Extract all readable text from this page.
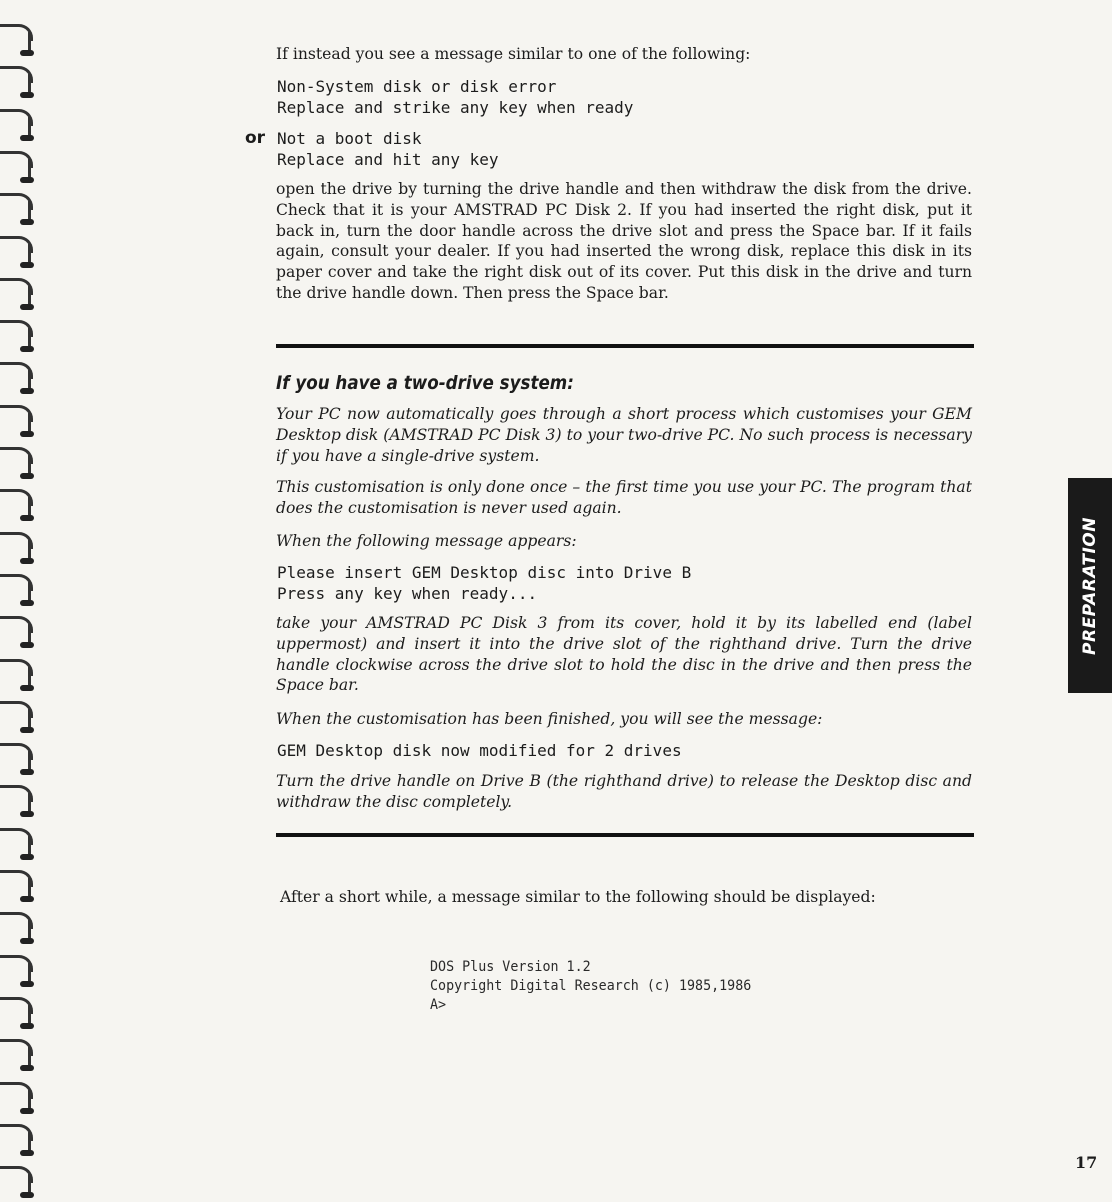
If instead you see a message similar to one of the following:

Non-System disk or disk error
Replace and strike any key when ready
or Not a boot disk
Replace and hit any key

open the drive by turning the drive handle and then withdraw the disk from the drive. Check that it is your AMSTRAD PC Disk 2. If you had inserted the right disk, put it back in, turn the door handle across the drive slot and press the Space bar. If it fails again, consult your dealer. If you had inserted the wrong disk, replace this disk in its paper cover and take the right disk out of its cover. Put this disk in the drive and turn the drive handle down. Then press the Space bar.

If you have a two-drive system:

Your PC now automatically goes through a short process which customises your GEM Desktop disk (AMSTRAD PC Disk 3) to your two-drive PC. No such process is necessary if you have a single-drive system.

This customisation is only done once – the first time you use your PC. The program that does the customisation is never used again.

When the following message appears:

Please insert GEM Desktop disc into Drive B
Press any key when ready...

take your AMSTRAD PC Disk 3 from its cover, hold it by its labelled end (label uppermost) and insert it into the drive slot of the righthand drive. Turn the drive handle clockwise across the drive slot to hold the disc in the drive and then press the Space bar.

When the customisation has been finished, you will see the message:

GEM Desktop disk now modified for 2 drives

Turn the drive handle on Drive B (the righthand drive) to release the Desktop disc and withdraw the disc completely.

After a short while, a message similar to the following should be displayed:

DOS Plus Version 1.2
Copyright Digital Research (c) 1985,1986
A>
PREPARATION
17
